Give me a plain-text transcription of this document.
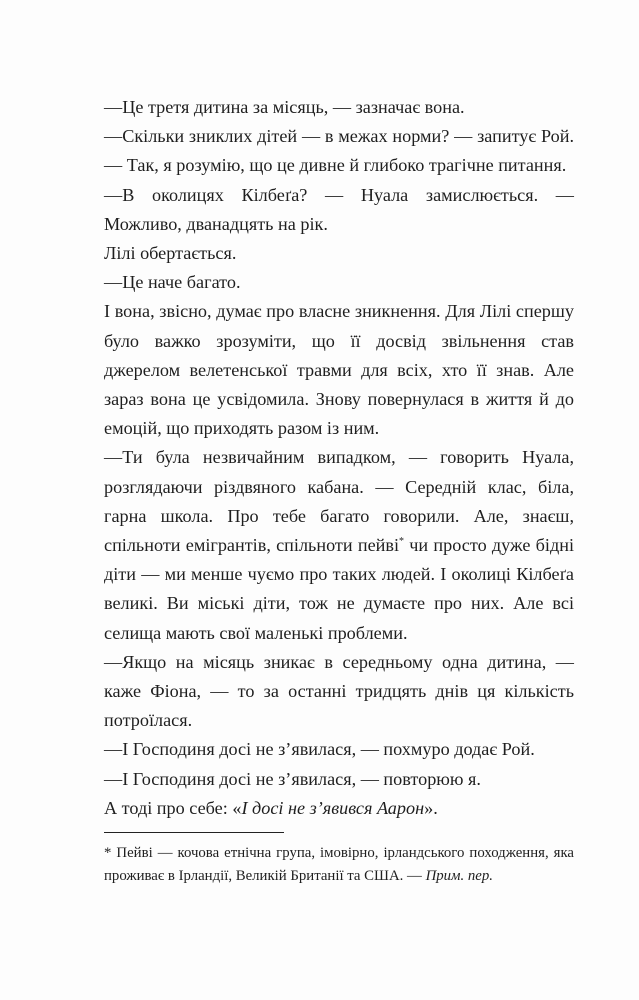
—Це третя дитина за місяць, — зазначає вона.

—Скільки зниклих дітей — в межах норми? — запитує Рой. — Так, я розумію, що це дивне й глибоко трагічне питання.

—В околицях Кілбеґа? — Нуала замислюється. — Можливо, дванадцять на рік.

Лілі обертається.

—Це наче багато.

І вона, звісно, думає про власне зникнення. Для Лілі спершу було важко зрозуміти, що її досвід звільнення став джерелом велетенської травми для всіх, хто її знав. Але зараз вона це усвідомила. Знову повернулася в життя й до емоцій, що приходять разом із ним.

—Ти була незвичайним випадком, — говорить Нуала, розглядаючи різдвяного кабана. — Середній клас, біла, гарна школа. Про тебе багато говорили. Але, знаєш, спільноти емігрантів, спільноти пейві* чи просто дуже бідні діти — ми менше чуємо про таких людей. І околиці Кілбеґа великі. Ви міські діти, тож не думаєте про них. Але всі селища мають свої маленькі проблеми.

—Якщо на місяць зникає в середньому одна дитина, — каже Фіона, — то за останні тридцять днів ця кількість потроїлася.

—І Господиня досі не з’явилася, — похмуро додає Рой.

—І Господиня досі не з’явилася, — повторюю я.

А тоді про себе: «І досі не з’явився Аарон».

* Пейві — кочова етнічна група, імовірно, ірландського походження, яка проживає в Ірландії, Великій Британії та США. — Прим. пер.
